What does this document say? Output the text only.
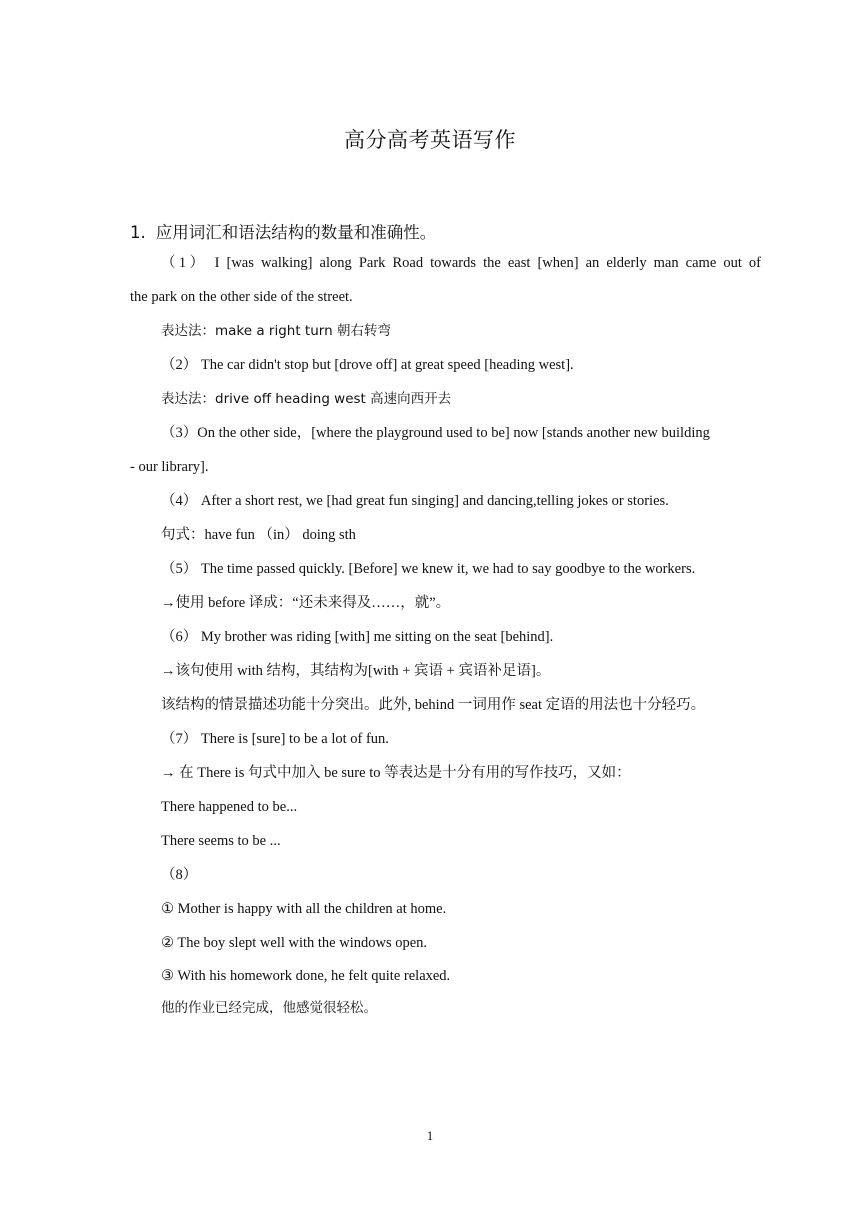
高分高考英语写作
1. 应用词汇和语法结构的数量和准确性。
（1） I [was walking] along Park Road towards the east [when] an elderly man came out of
the park on the other side of the street.
表达法：make a right turn 朝右转弯
（2） The car didn't stop but [drove off] at great speed [heading west].
表达法：drive off heading west 高速向西开去
（3）On the other side，[where the playground used to be] now [stands another new building
- our library].
（4） After a short rest, we [had great fun singing] and dancing,telling jokes or stories.
句式：have fun （in） doing sth
（5） The time passed quickly. [Before] we knew it, we had to say goodbye to the workers.
→使用 before 译成：“还未来得及……，就”。
（6） My brother was riding [with] me sitting on the seat [behind].
→该句使用 with 结构，其结构为[with + 宾语 + 宾语补足语]。
该结构的情景描述功能十分突出。此外, behind 一词用作 seat 定语的用法也十分轻巧。
（7） There is [sure] to be a lot of fun.
→ 在 There is 句式中加入 be sure to 等表达是十分有用的写作技巧，又如：
There happened to be...
There seems to be ...
（8）
① Mother is happy with all the children at home.
② The boy slept well with the windows open.
③ With his homework done, he felt quite relaxed.
他的作业已经完成，他感觉很轻松。
1
